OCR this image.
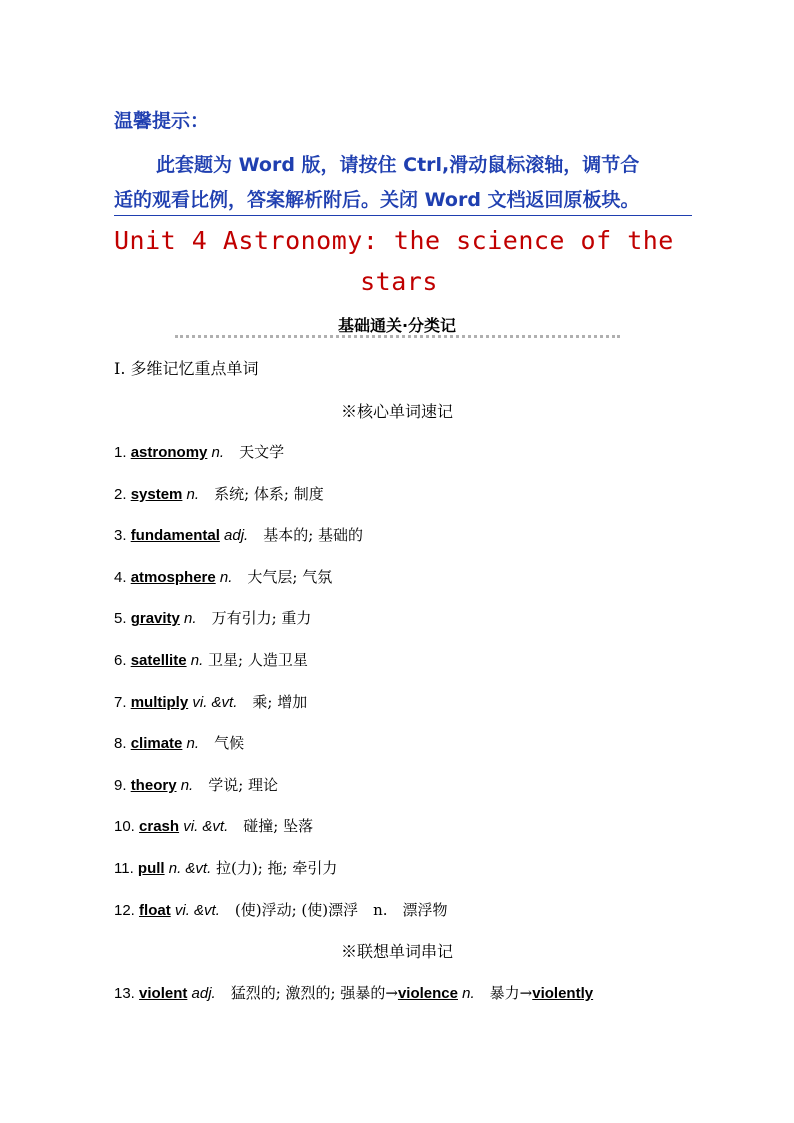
温馨提示：
此套题为 Word 版，请按住 Ctrl,滑动鼠标滚轴，调节合
适的观看比例，答案解析附后。关闭 Word 文档返回原板块。
Unit 4 Astronomy: the science of the
stars
基础通关·分类记
Ⅰ. 多维记忆重点单词
※核心单词速记
1. astronomy n.　天文学
2. system n.　系统; 体系; 制度
3. fundamental adj.　基本的; 基础的
4. atmosphere n.　大气层; 气氛
5. gravity n.　万有引力; 重力
6. satellite n. 卫星; 人造卫星
7. multiply vi. &vt.　乘; 增加
8. climate n.　气候
9. theory n.　学说; 理论
10. crash vi. &vt.　碰撞; 坠落
11. pull n. &vt. 拉(力); 拖; 牵引力
12. float vi. &vt.　(使)浮动; (使)漂浮　n.　漂浮物
※联想单词串记
13. violent adj.　猛烈的; 激烈的; 强暴的→violence n.　暴力→violently
